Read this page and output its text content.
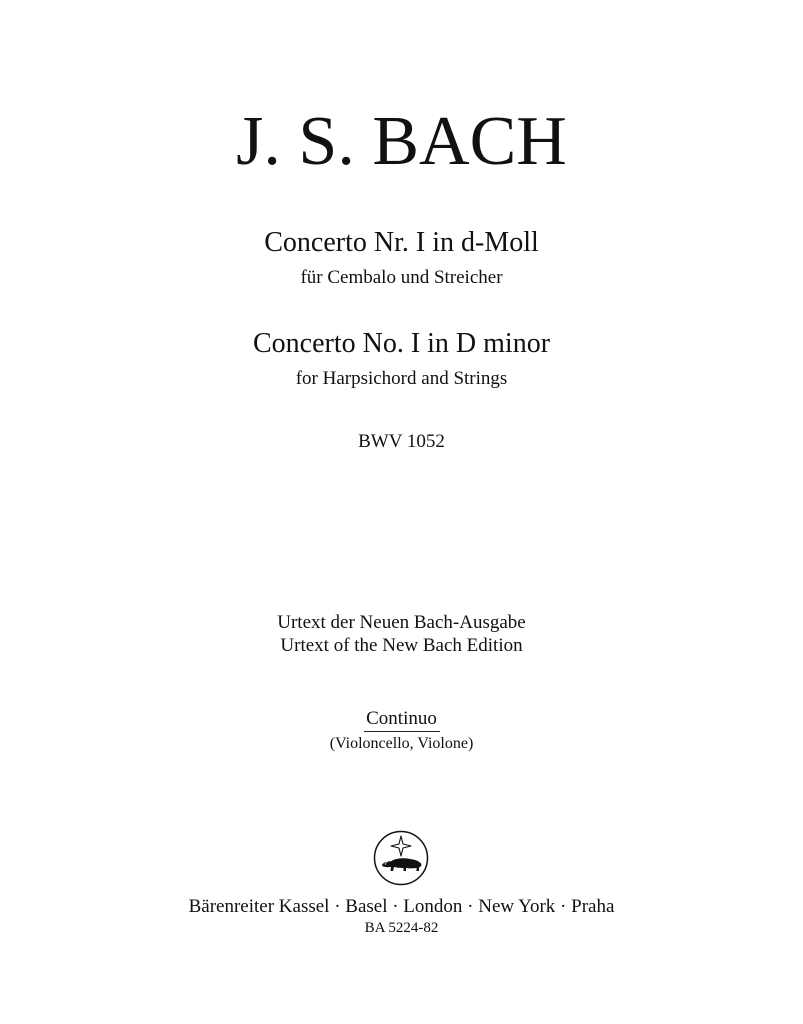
J. S. BACH
Concerto Nr. I in d-Moll
für Cembalo und Streicher
Concerto No. I in D minor
for Harpsichord and Strings
BWV 1052
Urtext der Neuen Bach-Ausgabe
Urtext of the New Bach Edition
Continuo
(Violoncello, Violone)
Bärenreiter Kassel · Basel · London · New York · Praha
BA 5224-82
